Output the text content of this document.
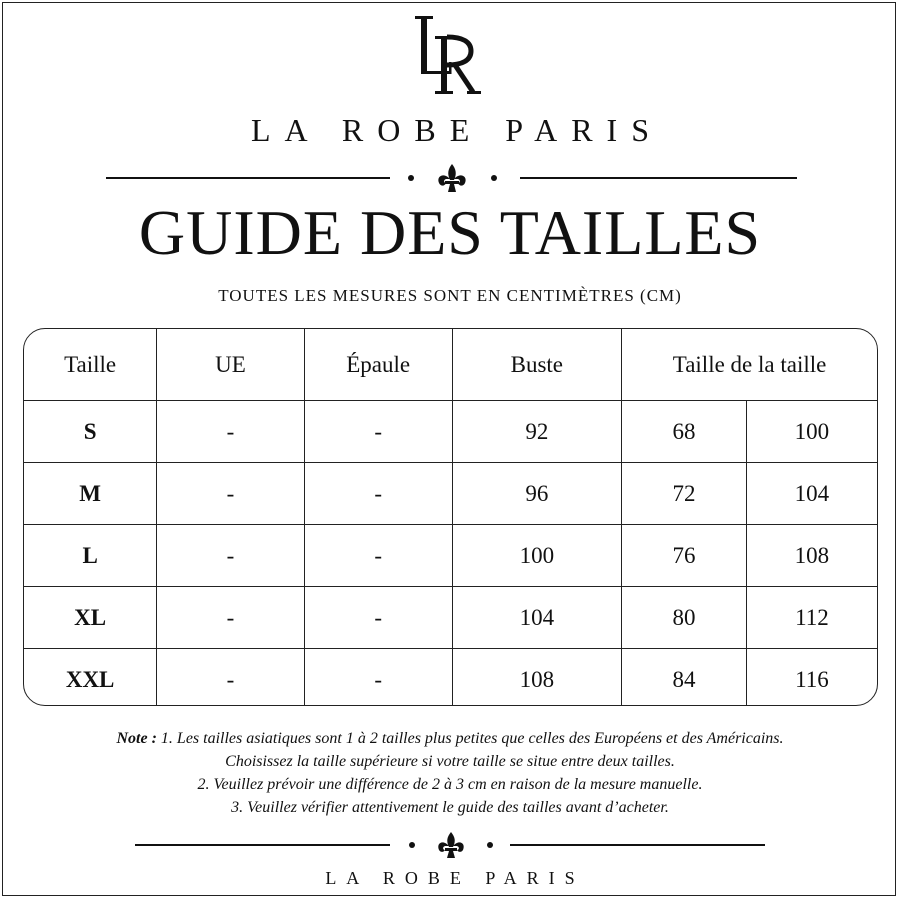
LA ROBE PARIS
GUIDE DES TAILLES
TOUTES LES MESURES SONT EN CENTIMÈTRES (CM)
Taille	UE	Épaule	Buste	Taille de la taille	
S	-	-	92	68	100
M	-	-	96	72	104
L	-	-	100	76	108
XL	-	-	104	80	112
XXL	-	-	108	84	116
Note : 1. Les tailles asiatiques sont 1 à 2 tailles plus petites que celles des Européens et des Américains.
Choisissez la taille supérieure si votre taille se situe entre deux tailles.
2. Veuillez prévoir une différence de 2 à 3 cm en raison de la mesure manuelle.
3. Veuillez vérifier attentivement le guide des tailles avant d’acheter.
LA ROBE PARIS
